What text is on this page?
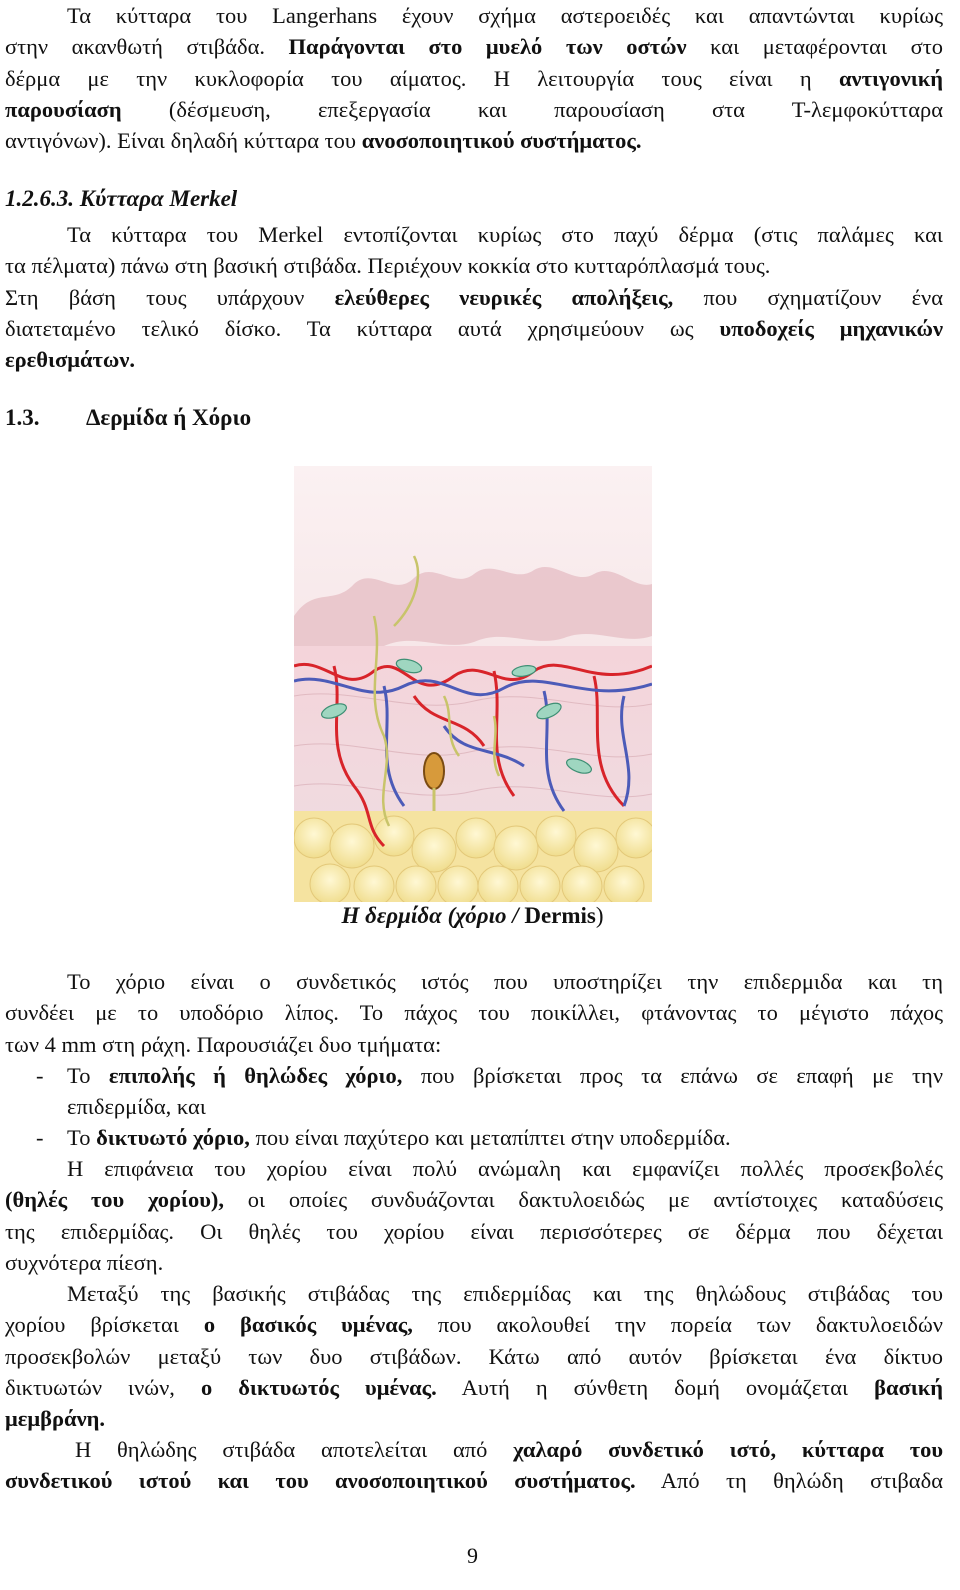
Τα κύτταρα του Langerhans έχουν σχήμα αστεροειδές και απαντώνται κυρίως
στην ακανθωτή στιβάδα. Παράγονται στο μυελό των οστών και μεταφέρονται στο
δέρμα με την κυκλοφορία του αίματος. Η λειτουργία τους είναι η αντιγονική
παρουσίαση (δέσμευση, επεξεργασία και παρουσίαση στα Τ-λεμφοκύτταρα
αντιγόνων). Είναι δηλαδή κύτταρα του ανοσοποιητικού συστήματος.
1.2.6.3. Κύτταρα Merkel
Τα κύτταρα του Merkel εντοπίζονται κυρίως στο παχύ δέρμα (στις παλάμες και
τα πέλματα) πάνω στη βασική στιβάδα. Περιέχουν κοκκία στο κυτταρόπλασμά τους.
Στη βάση τους υπάρχουν ελεύθερες νευρικές απολήξεις, που σχηματίζουν ένα
διατεταμένο τελικό δίσκο. Τα κύτταρα αυτά χρησιμεύουν ως υποδοχείς μηχανικών
ερεθισμάτων.
1.3. Δερμίδα ή Χόριο
Η δερμίδα (χόριο / Dermis)
Το χόριο είναι ο συνδετικός ιστός που υποστηρίζει την επιδερμιδα και τη
συνδέει με το υποδόριο λίπος. Το πάχος του ποικίλλει, φτάνοντας το μέγιστο πάχος
των 4 mm στη ράχη. Παρουσιάζει δυο τμήματα:
- Το επιπολής ή θηλώδες χόριο, που βρίσκεται προς τα επάνω σε επαφή με την
επιδερμίδα, και
- Το δικτυωτό χόριο, που είναι παχύτερο και μεταπίπτει στην υποδερμίδα.
Η επιφάνεια του χορίου είναι πολύ ανώμαλη και εμφανίζει πολλές προσεκβολές
(θηλές του χορίου), οι οποίες συνδυάζονται δακτυλοειδώς με αντίστοιχες καταδύσεις
της επιδερμίδας. Οι θηλές του χορίου είναι περισσότερες σε δέρμα που δέχεται
συχνότερα πίεση.
Μεταξύ της βασικής στιβάδας της επιδερμίδας και της θηλώδους στιβάδας του
χορίου βρίσκεται ο βασικός υμένας, που ακολουθεί την πορεία των δακτυλοειδών
προσεκβολών μεταξύ των δυο στιβάδων. Κάτω από αυτόν βρίσκεται ένα δίκτυο
δικτυωτών ινών, ο δικτυωτός υμένας. Αυτή η σύνθετη δομή ονομάζεται βασική
μεμβράνη.
Η θηλώδης στιβάδα αποτελείται από χαλαρό συνδετικό ιστό, κύτταρα του
συνδετικού ιστού και του ανοσοποιητικού συστήματος. Από τη θηλώδη στιβαδα
9
